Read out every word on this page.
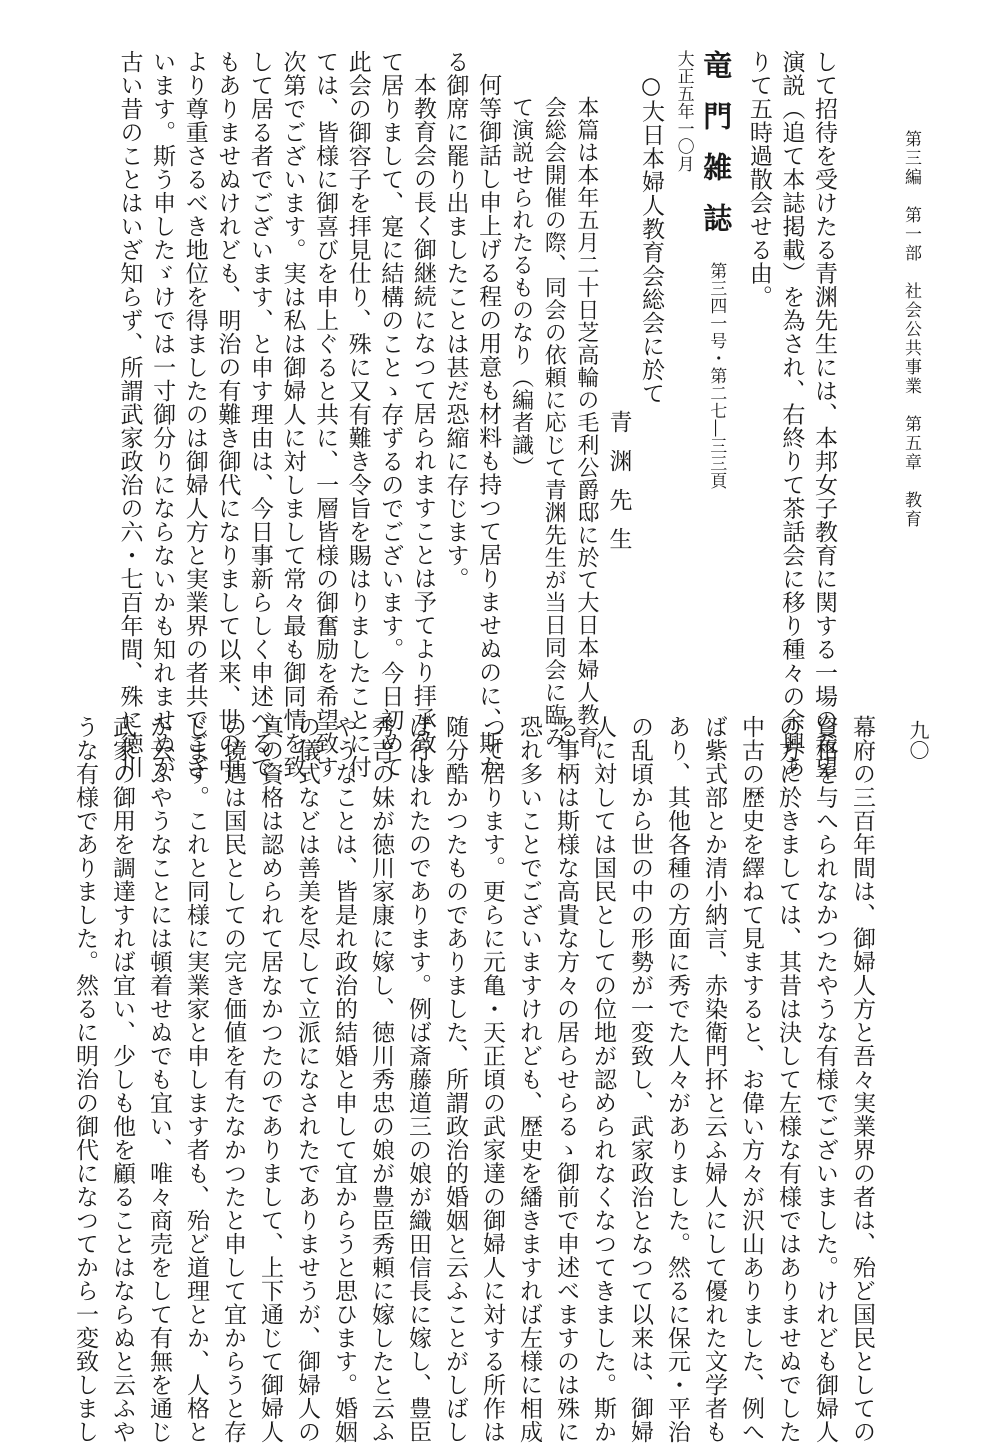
第三編　第一部　社会公共事業　第五章　教育
九〇
して招待を受けたる青渊先生には、本邦女子教育に関する一場の希望
演説（追て本誌掲載）を為され、右終りて茶話会に移り種々の余興あ
りて五時過散会せる由。
竜門雑誌 第三四一号・第二七―三三頁
大正五年一〇月
○大日本婦人教育会総会に於て
青渊先生
本篇は本年五月二十日芝高輪の毛利公爵邸に於て大日本婦人教育
会総会開催の際、同会の依頼に応じて青渊先生が当日同会に臨み
て演説せられたるものなり（編者識）
何等御話し申上げる程の用意も材料も持つて居りませぬのに、斯か
る御席に罷り出ましたことは甚だ恐縮に存じます。
本教育会の長く御継続になつて居られますことは予てより拝承致し
て居りまして、寔に結構のことゝ存ずるのでございます。今日初めて
此会の御容子を拝見仕り、殊に又有難き令旨を賜はりましたことに付
ては、皆様に御喜びを申上ぐると共に、一層皆様の御奮励を希望致す
次第でございます。実は私は御婦人に対しまして常々最も御同情を致
して居る者でございます、と申す理由は、今日事新らしく申述べるで
もありませぬけれども、明治の有難き御代になりまして以来、世の中
より尊重さるべき地位を得ましたのは御婦人方と実業界の者共でござ
います。斯う申したゞけでは一寸御分りにならないかも知れませぬが
古い昔のことはいざ知らず、所謂武家政治の六・七百年間、殊に徳川
幕府の三百年間は、御婦人方と吾々実業界の者は、殆ど国民としての
資格を与へられなかつたやうな有様でございました。けれども御婦人
の方に於きましては、其昔は決して左様な有様ではありませぬでした
中古の歴史を繹ねて見ますると、お偉い方々が沢山ありました、例へ
ば紫式部とか清小納言、赤染衛門抔と云ふ婦人にして優れた文学者も
あり、其他各種の方面に秀でた人々がありました。然るに保元・平治
の乱頃から世の中の形勢が一変致し、武家政治となつて以来は、御婦
人に対しては国民としての位地が認められなくなつてきました。斯か
る事柄は斯様な高貴な方々の居らせらるゝ御前で申述べますのは殊に
恐れ多いことでございますけれども、歴史を繙きますれば左様に相成
つて居ります。更らに元亀・天正頃の武家達の御婦人に対する所作は
随分酷かつたものでありました、所謂政治的婚姻と云ふことがしばし
ば行はれたのであります。例ば斎藤道三の娘が織田信長に嫁し、豊臣
秀吉の妹が徳川家康に嫁し、徳川秀忠の娘が豊臣秀頼に嫁したと云ふ
やうなことは、皆是れ政治的結婚と申して宜からうと思ひます。婚姻
の儀式などは善美を尽して立派になされたでありませうが、御婦人の
真の資格は認められて居なかつたのでありまして、上下通じて御婦人
の境遇は国民としての完き価値を有たなかつたと申して宜からうと存
じます。これと同様に実業家と申します者も、殆ど道理とか、人格と
か云ふやうなことには頓着せぬでも宜い、唯々商売をして有無を通じ
武家の御用を調達すれば宜い、少しも他を顧ることはならぬと云ふや
うな有様でありました。然るに明治の御代になつてから一変致しまし
